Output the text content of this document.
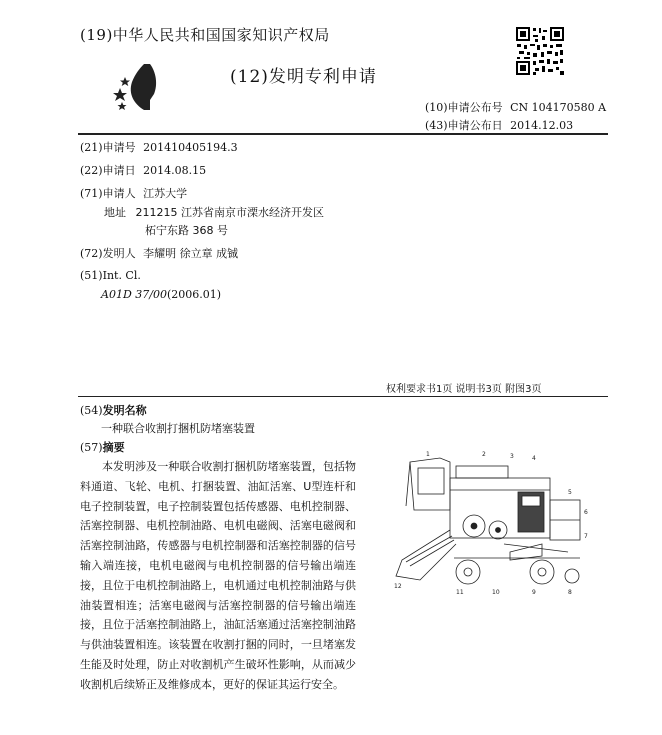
(19)中华人民共和国国家知识产权局
(12)发明专利申请
(10)申请公布号 CN 104170580 A
(43)申请公布日 2014.12.03
(21)申请号 201410405194.3
(22)申请日 2014.08.15
(71)申请人 江苏大学
地址 211215 江苏省南京市溧水经济开发区
柘宁东路 368 号
(72)发明人 李耀明 徐立章 成铖
(51)Int. Cl.
A01D 37/00(2006.01)
权利要求书1页 说明书3页 附图3页
(54)发明名称
一种联合收割打捆机防堵塞装置
(57)摘要
本发明涉及一种联合收割打捆机防堵塞装置，包括物料通道、飞轮、电机、打捆装置、油缸活塞、U型连杆和电子控制装置，电子控制装置包括传感器、电机控制器、活塞控制器、电机控制油路、电机电磁阀、活塞电磁阀和活塞控制油路，传感器与电机控制器和活塞控制器的信号输入端连接，电机电磁阀与电机控制器的信号输出端连接，且位于电机控制油路上，电机通过电机控制油路与供油装置相连；活塞电磁阀与活塞控制器的信号输出端连接，且位于活塞控制油路上，油缸活塞通过活塞控制油路与供油装置相连。该装置在收割打捆的同时，一旦堵塞发生能及时处理，防止对收割机产生破坏性影响，从而减少收割机后续矫正及维修成本，更好的保证其运行安全。
1	2	3	4
5
6
7
8
9
10
11
12
